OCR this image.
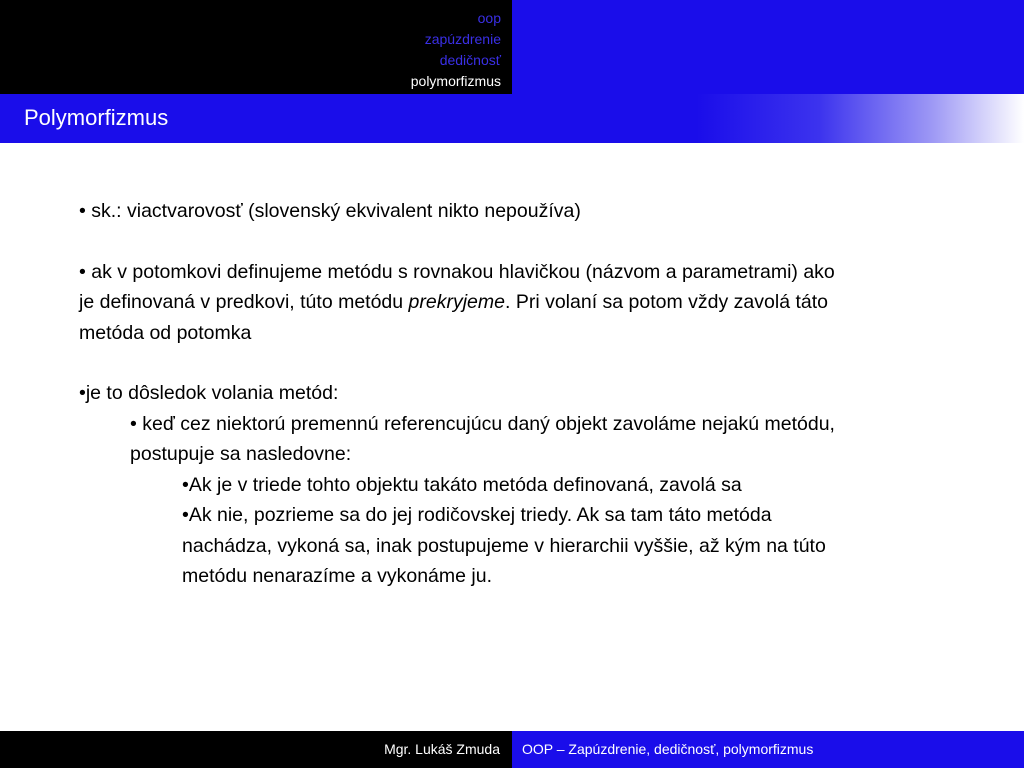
oop
zapúzdrenie
dedičnosť
polymorfizmus
Polymorfizmus

• sk.: viactvarovosť (slovenský ekvivalent nikto nepoužíva)

• ak v potomkovi definujeme metódu s rovnakou hlavičkou (názvom a parametrami) ako je definovaná v predkovi, túto metódu prekryjeme. Pri volaní sa potom vždy zavolá táto metóda od potomka

•je to dôsledok volania metód:

• keď cez niektorú premennú referencujúcu daný objekt zavoláme nejakú metódu, postupuje sa nasledovne:

•Ak je v triede tohto objektu takáto metóda definovaná, zavolá sa

•Ak nie, pozrieme sa do jej rodičovskej triedy. Ak sa tam táto metóda nachádza, vykoná sa, inak postupujeme v hierarchii vyššie, až kým na túto metódu nenarazíme a vykonáme ju.

Mgr. Lukáš Zmuda OOP – Zapúzdrenie, dedičnosť, polymorfizmus
